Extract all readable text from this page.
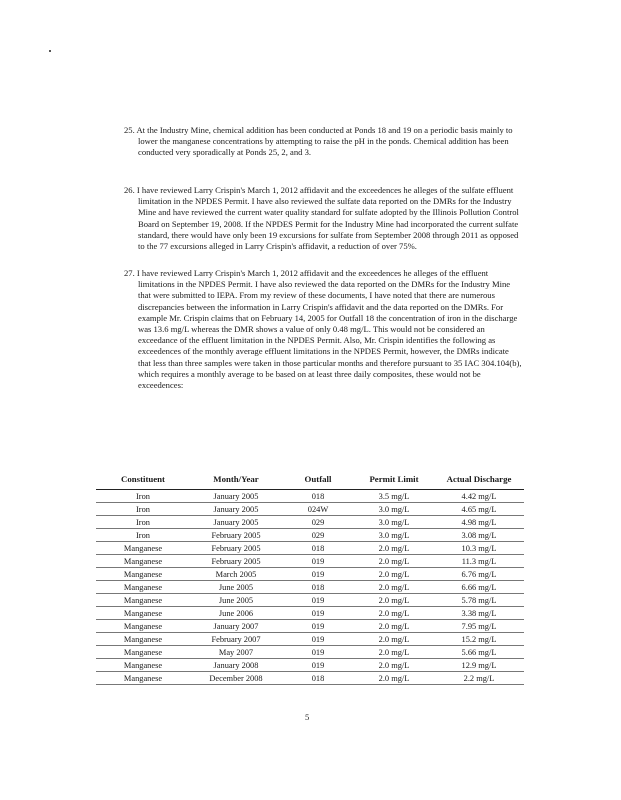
25. At the Industry Mine, chemical addition has been conducted at Ponds 18 and 19 on a periodic basis mainly to lower the manganese concentrations by attempting to raise the pH in the ponds. Chemical addition has been conducted very sporadically at Ponds 25, 2, and 3.
26. I have reviewed Larry Crispin's March 1, 2012 affidavit and the exceedences he alleges of the sulfate effluent limitation in the NPDES Permit. I have also reviewed the sulfate data reported on the DMRs for the Industry Mine and have reviewed the current water quality standard for sulfate adopted by the Illinois Pollution Control Board on September 19, 2008. If the NPDES Permit for the Industry Mine had incorporated the current sulfate standard, there would have only been 19 excursions for sulfate from September 2008 through 2011 as opposed to the 77 excursions alleged in Larry Crispin's affidavit, a reduction of over 75%.
27. I have reviewed Larry Crispin's March 1, 2012 affidavit and the exceedences he alleges of the effluent limitations in the NPDES Permit. I have also reviewed the data reported on the DMRs for the Industry Mine that were submitted to IEPA. From my review of these documents, I have noted that there are numerous discrepancies between the information in Larry Crispin's affidavit and the data reported on the DMRs. For example Mr. Crispin claims that on February 14, 2005 for Outfall 18 the concentration of iron in the discharge was 13.6 mg/L whereas the DMR shows a value of only 0.48 mg/L. This would not be considered an exceedance of the effluent limitation in the NPDES Permit. Also, Mr. Crispin identifies the following as exceedences of the monthly average effluent limitations in the NPDES Permit, however, the DMRs indicate that less than three samples were taken in those particular months and therefore pursuant to 35 IAC 304.104(b), which requires a monthly average to be based on at least three daily composites, these would not be exceedences:
Constituent	Month/Year	Outfall	Permit Limit	Actual Discharge
Iron	January 2005	018	3.5 mg/L	4.42 mg/L
Iron	January 2005	024W	3.0 mg/L	4.65 mg/L
Iron	January 2005	029	3.0 mg/L	4.98 mg/L
Iron	February 2005	029	3.0 mg/L	3.08 mg/L
Manganese	February 2005	018	2.0 mg/L	10.3 mg/L
Manganese	February 2005	019	2.0 mg/L	11.3 mg/L
Manganese	March 2005	019	2.0 mg/L	6.76 mg/L
Manganese	June 2005	018	2.0 mg/L	6.66 mg/L
Manganese	June 2005	019	2.0 mg/L	5.78 mg/L
Manganese	June 2006	019	2.0 mg/L	3.38 mg/L
Manganese	January 2007	019	2.0 mg/L	7.95 mg/L
Manganese	February 2007	019	2.0 mg/L	15.2 mg/L
Manganese	May 2007	019	2.0 mg/L	5.66 mg/L
Manganese	January 2008	019	2.0 mg/L	12.9 mg/L
Manganese	December 2008	018	2.0 mg/L	2.2 mg/L
5
